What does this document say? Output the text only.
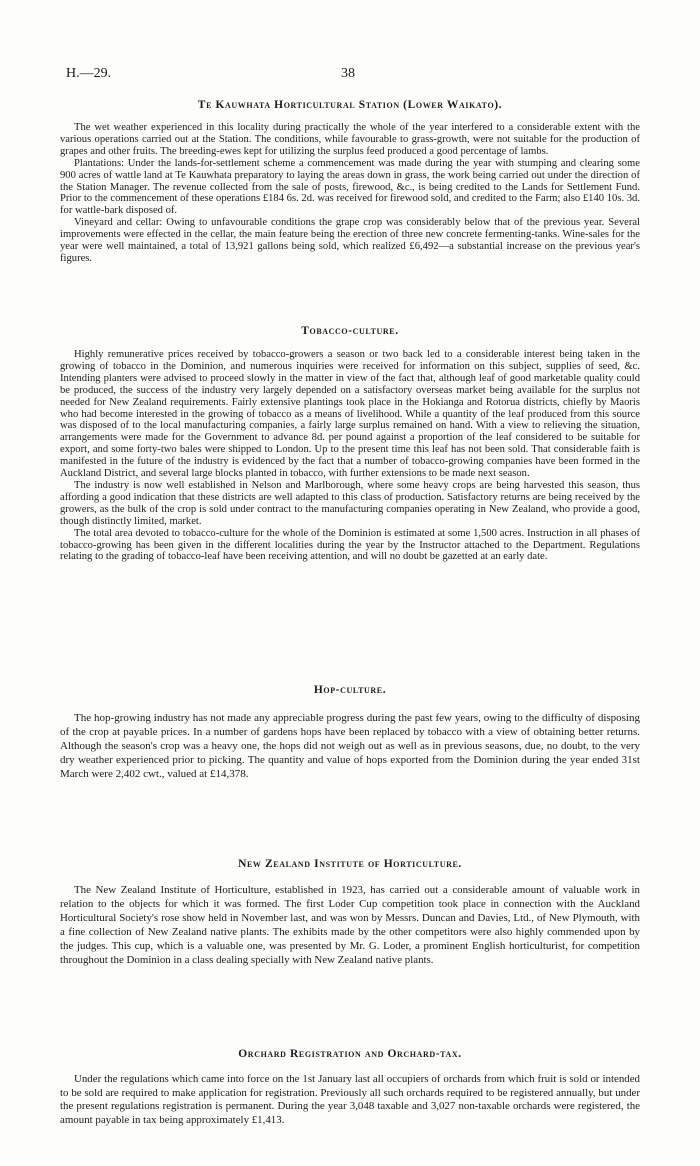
H.—29.	38
Te Kauwhata Horticultural Station (Lower Waikato).

The wet weather experienced in this locality during practically the whole of the year interfered to a considerable extent with the various operations carried out at the Station. The conditions, while favourable to grass-growth, were not suitable for the production of grapes and other fruits. The breeding-ewes kept for utilizing the surplus feed produced a good percentage of lambs.

Plantations: Under the lands-for-settlement scheme a commencement was made during the year with stumping and clearing some 900 acres of wattle land at Te Kauwhata preparatory to laying the areas down in grass, the work being carried out under the direction of the Station Manager. The revenue collected from the sale of posts, firewood, &c., is being credited to the Lands for Settlement Fund. Prior to the commencement of these operations £184 6s. 2d. was received for firewood sold, and credited to the Farm; also £140 10s. 3d. for wattle-bark disposed of.

Vineyard and cellar: Owing to unfavourable conditions the grape crop was considerably below that of the previous year. Several improvements were effected in the cellar, the main feature being the erection of three new concrete fermenting-tanks. Wine-sales for the year were well maintained, a total of 13,921 gallons being sold, which realized £6,492—a substantial increase on the previous year's figures.

Tobacco-culture.

Highly remunerative prices received by tobacco-growers a season or two back led to a considerable interest being taken in the growing of tobacco in the Dominion, and numerous inquiries were received for information on this subject, supplies of seed, &c. Intending planters were advised to proceed slowly in the matter in view of the fact that, although leaf of good marketable quality could be produced, the success of the industry very largely depended on a satisfactory overseas market being available for the surplus not needed for New Zealand requirements. Fairly extensive plantings took place in the Hokianga and Rotorua districts, chiefly by Maoris who had become interested in the growing of tobacco as a means of livelihood. While a quantity of the leaf produced from this source was disposed of to the local manufacturing companies, a fairly large surplus remained on hand. With a view to relieving the situation, arrangements were made for the Government to advance 8d. per pound against a proportion of the leaf considered to be suitable for export, and some forty-two bales were shipped to London. Up to the present time this leaf has not been sold. That considerable faith is manifested in the future of the industry is evidenced by the fact that a number of tobacco-growing companies have been formed in the Auckland District, and several large blocks planted in tobacco, with further extensions to be made next season.

The industry is now well established in Nelson and Marlborough, where some heavy crops are being harvested this season, thus affording a good indication that these districts are well adapted to this class of production. Satisfactory returns are being received by the growers, as the bulk of the crop is sold under contract to the manufacturing companies operating in New Zealand, who provide a good, though distinctly limited, market.

The total area devoted to tobacco-culture for the whole of the Dominion is estimated at some 1,500 acres. Instruction in all phases of tobacco-growing has been given in the different localities during the year by the Instructor attached to the Department. Regulations relating to the grading of tobacco-leaf have been receiving attention, and will no doubt be gazetted at an early date.

Hop-culture.

The hop-growing industry has not made any appreciable progress during the past few years, owing to the difficulty of disposing of the crop at payable prices. In a number of gardens hops have been replaced by tobacco with a view of obtaining better returns. Although the season's crop was a heavy one, the hops did not weigh out as well as in previous seasons, due, no doubt, to the very dry weather experienced prior to picking. The quantity and value of hops exported from the Dominion during the year ended 31st March were 2,402 cwt., valued at £14,378.

New Zealand Institute of Horticulture.

The New Zealand Institute of Horticulture, established in 1923, has carried out a considerable amount of valuable work in relation to the objects for which it was formed. The first Loder Cup competition took place in connection with the Auckland Horticultural Society's rose show held in November last, and was won by Messrs. Duncan and Davies, Ltd., of New Plymouth, with a fine collection of New Zealand native plants. The exhibits made by the other competitors were also highly commended upon by the judges. This cup, which is a valuable one, was presented by Mr. G. Loder, a prominent English horticulturist, for competition throughout the Dominion in a class dealing specially with New Zealand native plants.

Orchard Registration and Orchard-tax.

Under the regulations which came into force on the 1st January last all occupiers of orchards from which fruit is sold or intended to be sold are required to make application for registration. Previously all such orchards required to be registered annually, but under the present regulations registration is permanent. During the year 3,048 taxable and 3,027 non-taxable orchards were registered, the amount payable in tax being approximately £1,413.
